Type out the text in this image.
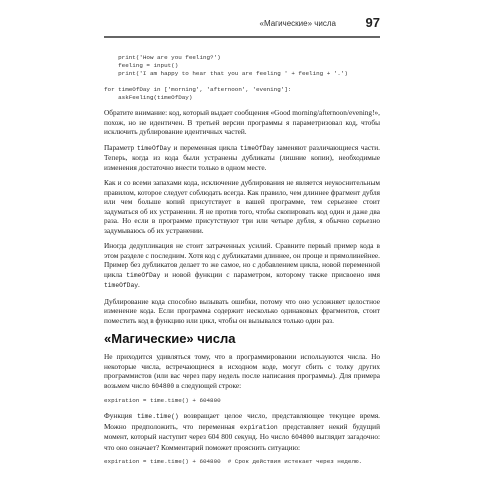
«Магические» числа 97
print('How are you feeling?')
feeling = input()
print('I am happy to hear that you are feeling ' + feeling + '.')

for timeOfDay in ['morning', 'afternoon', 'evening']:
askFeeling(timeOfDay)

Обратите внимание: код, который выдает сообщения «Good morning/afternoon/evening!», похож, но не идентичен. В третьей версии программы я параметризовал код, чтобы исключить дублирование идентичных частей.

Параметр timeOfDay и переменная цикла timeOfDay заменяют различающиеся части. Теперь, когда из кода были устранены дубликаты (лишние копии), необходимые изменения достаточно внести только в одном месте.

Как и со всеми запахами кода, исключение дублирования не является неукоснительным правилом, которое следует соблюдать всегда. Как правило, чем длиннее фрагмент дубля или чем больше копий присутствует в вашей программе, тем серьезнее стоит задуматься об их устранении. Я не против того, чтобы скопировать код один и даже два раза. Но если в программе присутствуют три или четыре дубля, я обычно серьезно задумываюсь об их устранении.

Иногда дедупликация не стоит затраченных усилий. Сравните первый пример кода в этом разделе с последним. Хотя код с дубликатами длиннее, он проще и прямолинейнее. Пример без дубликатов делает то же самое, но с добавлением цикла, новой переменной цикла timeOfDay и новой функции с параметром, которому также присвоено имя timeOfDay.

Дублирование кода способно вызывать ошибки, потому что оно усложняет целостное изменение кода. Если программа содержит несколько одинаковых фрагментов, стоит поместить код в функцию или цикл, чтобы он вызывался только один раз.

«Магические» числа

Не приходится удивляться тому, что в программировании используются числа. Но некоторые числа, встречающиеся в исходном коде, могут сбить с толку других программистов (или вас через пару недель после написания программы). Для примера возьмем число 604800 в следующей строке:

expiration = time.time() + 604800

Функция time.time() возвращает целое число, представляющее текущее время. Можно предположить, что переменная expiration представляет некий будущий момент, который наступит через 604 800 секунд. Но число 604800 выглядит загадочно: что оно означает? Комментарий поможет прояснить ситуацию:

expiration = time.time() + 604800  # Срок действия истекает через неделю.
